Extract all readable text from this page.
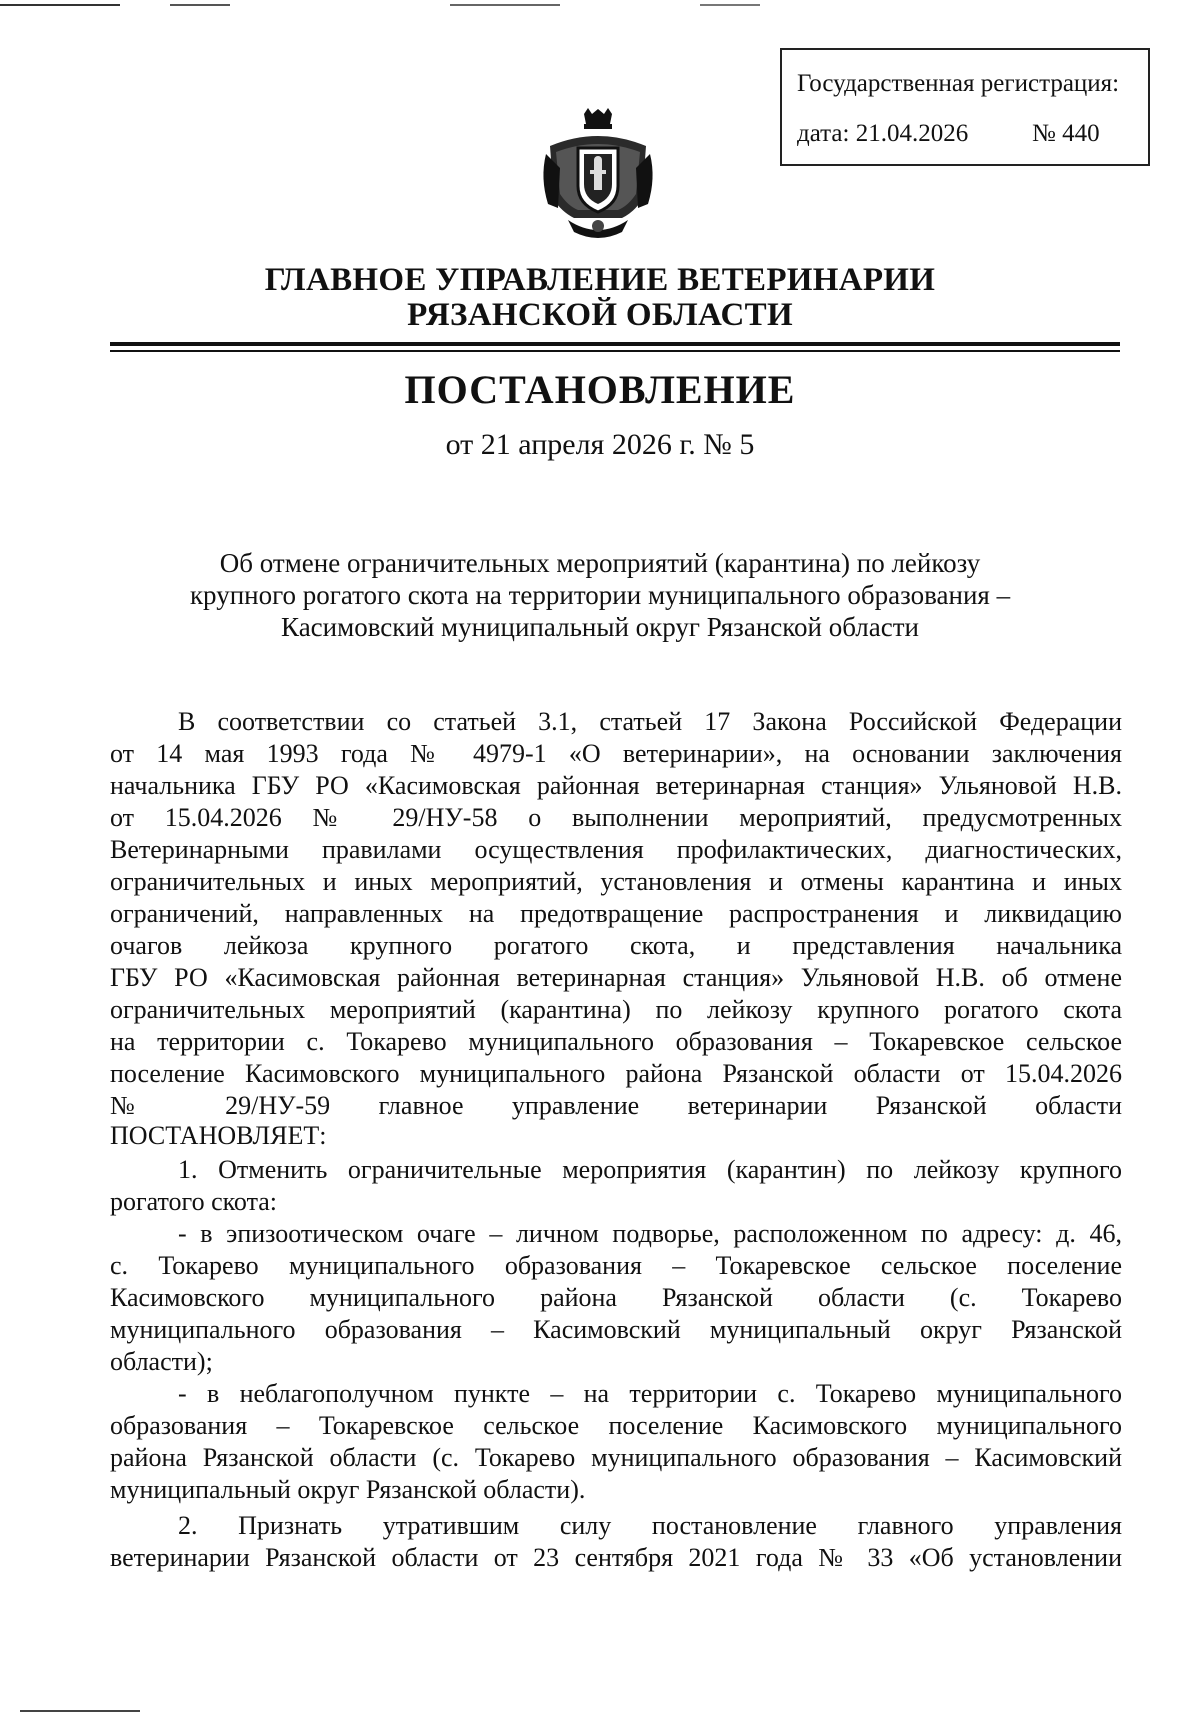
Государственная регистрация:
дата: 21.04.2026	№ 440
ГЛАВНОЕ УПРАВЛЕНИЕ ВЕТЕРИНАРИИ
РЯЗАНСКОЙ ОБЛАСТИ
ПОСТАНОВЛЕНИЕ
от 21 апреля 2026 г. № 5
Об отмене ограничительных мероприятий (карантина) по лейкозу
крупного рогатого скота на территории муниципального образования –
Касимовский муниципальный округ Рязанской области
В соответствии со статьей 3.1, статьей 17 Закона Российской Федерации
от 14 мая 1993 года № 4979-1 «О ветеринарии», на основании заключения
начальника ГБУ РО «Касимовская районная ветеринарная станция» Ульяновой Н.В.
от 15.04.2026 № 29/НУ-58 о выполнении мероприятий, предусмотренных
Ветеринарными правилами осуществления профилактических, диагностических,
ограничительных и иных мероприятий, установления и отмены карантина и иных
ограничений, направленных на предотвращение распространения и ликвидацию
очагов лейкоза крупного рогатого скота, и представления начальника
ГБУ РО «Касимовская районная ветеринарная станция» Ульяновой Н.В. об отмене
ограничительных мероприятий (карантина) по лейкозу крупного рогатого скота
на территории с. Токарево муниципального образования – Токаревское сельское
поселение Касимовского муниципального района Рязанской области от 15.04.2026
№ 29/НУ-59 главное управление ветеринарии Рязанской области
ПОСТАНОВЛЯЕТ:
1. Отменить ограничительные мероприятия (карантин) по лейкозу крупного
рогатого скота:
- в эпизоотическом очаге – личном подворье, расположенном по адресу: д. 46,
с. Токарево муниципального образования – Токаревское сельское поселение
Касимовского муниципального района Рязанской области (с. Токарево
муниципального образования – Касимовский муниципальный округ Рязанской
области);
- в неблагополучном пункте – на территории с. Токарево муниципального
образования – Токаревское сельское поселение Касимовского муниципального
района Рязанской области (с. Токарево муниципального образования – Касимовский
муниципальный округ Рязанской области).
2. Признать утратившим силу постановление главного управления
ветеринарии Рязанской области от 23 сентября 2021 года № 33 «Об установлении
